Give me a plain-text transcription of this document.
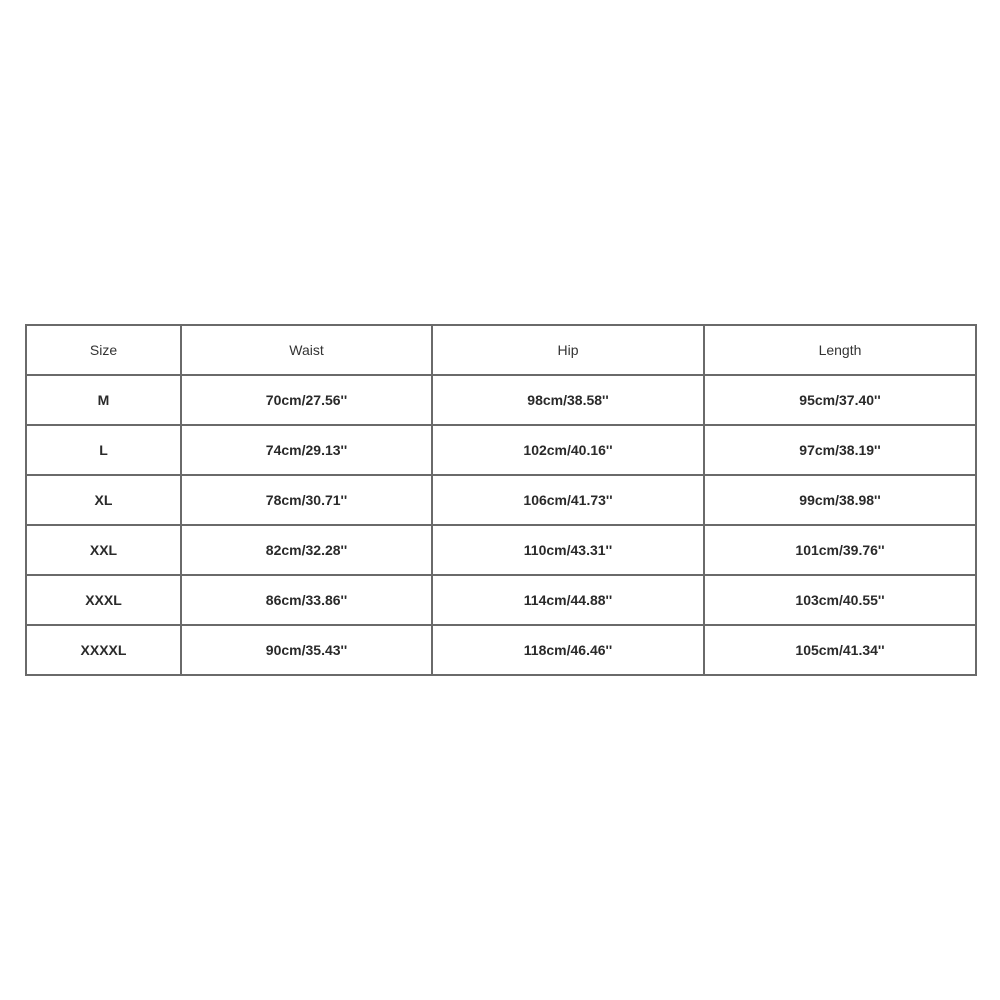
Size	Waist	Hip	Length
M	70cm/27.56''	98cm/38.58''	95cm/37.40''
L	74cm/29.13''	102cm/40.16''	97cm/38.19''
XL	78cm/30.71''	106cm/41.73''	99cm/38.98''
XXL	82cm/32.28''	110cm/43.31''	101cm/39.76''
XXXL	86cm/33.86''	114cm/44.88''	103cm/40.55''
XXXXL	90cm/35.43''	118cm/46.46''	105cm/41.34''
